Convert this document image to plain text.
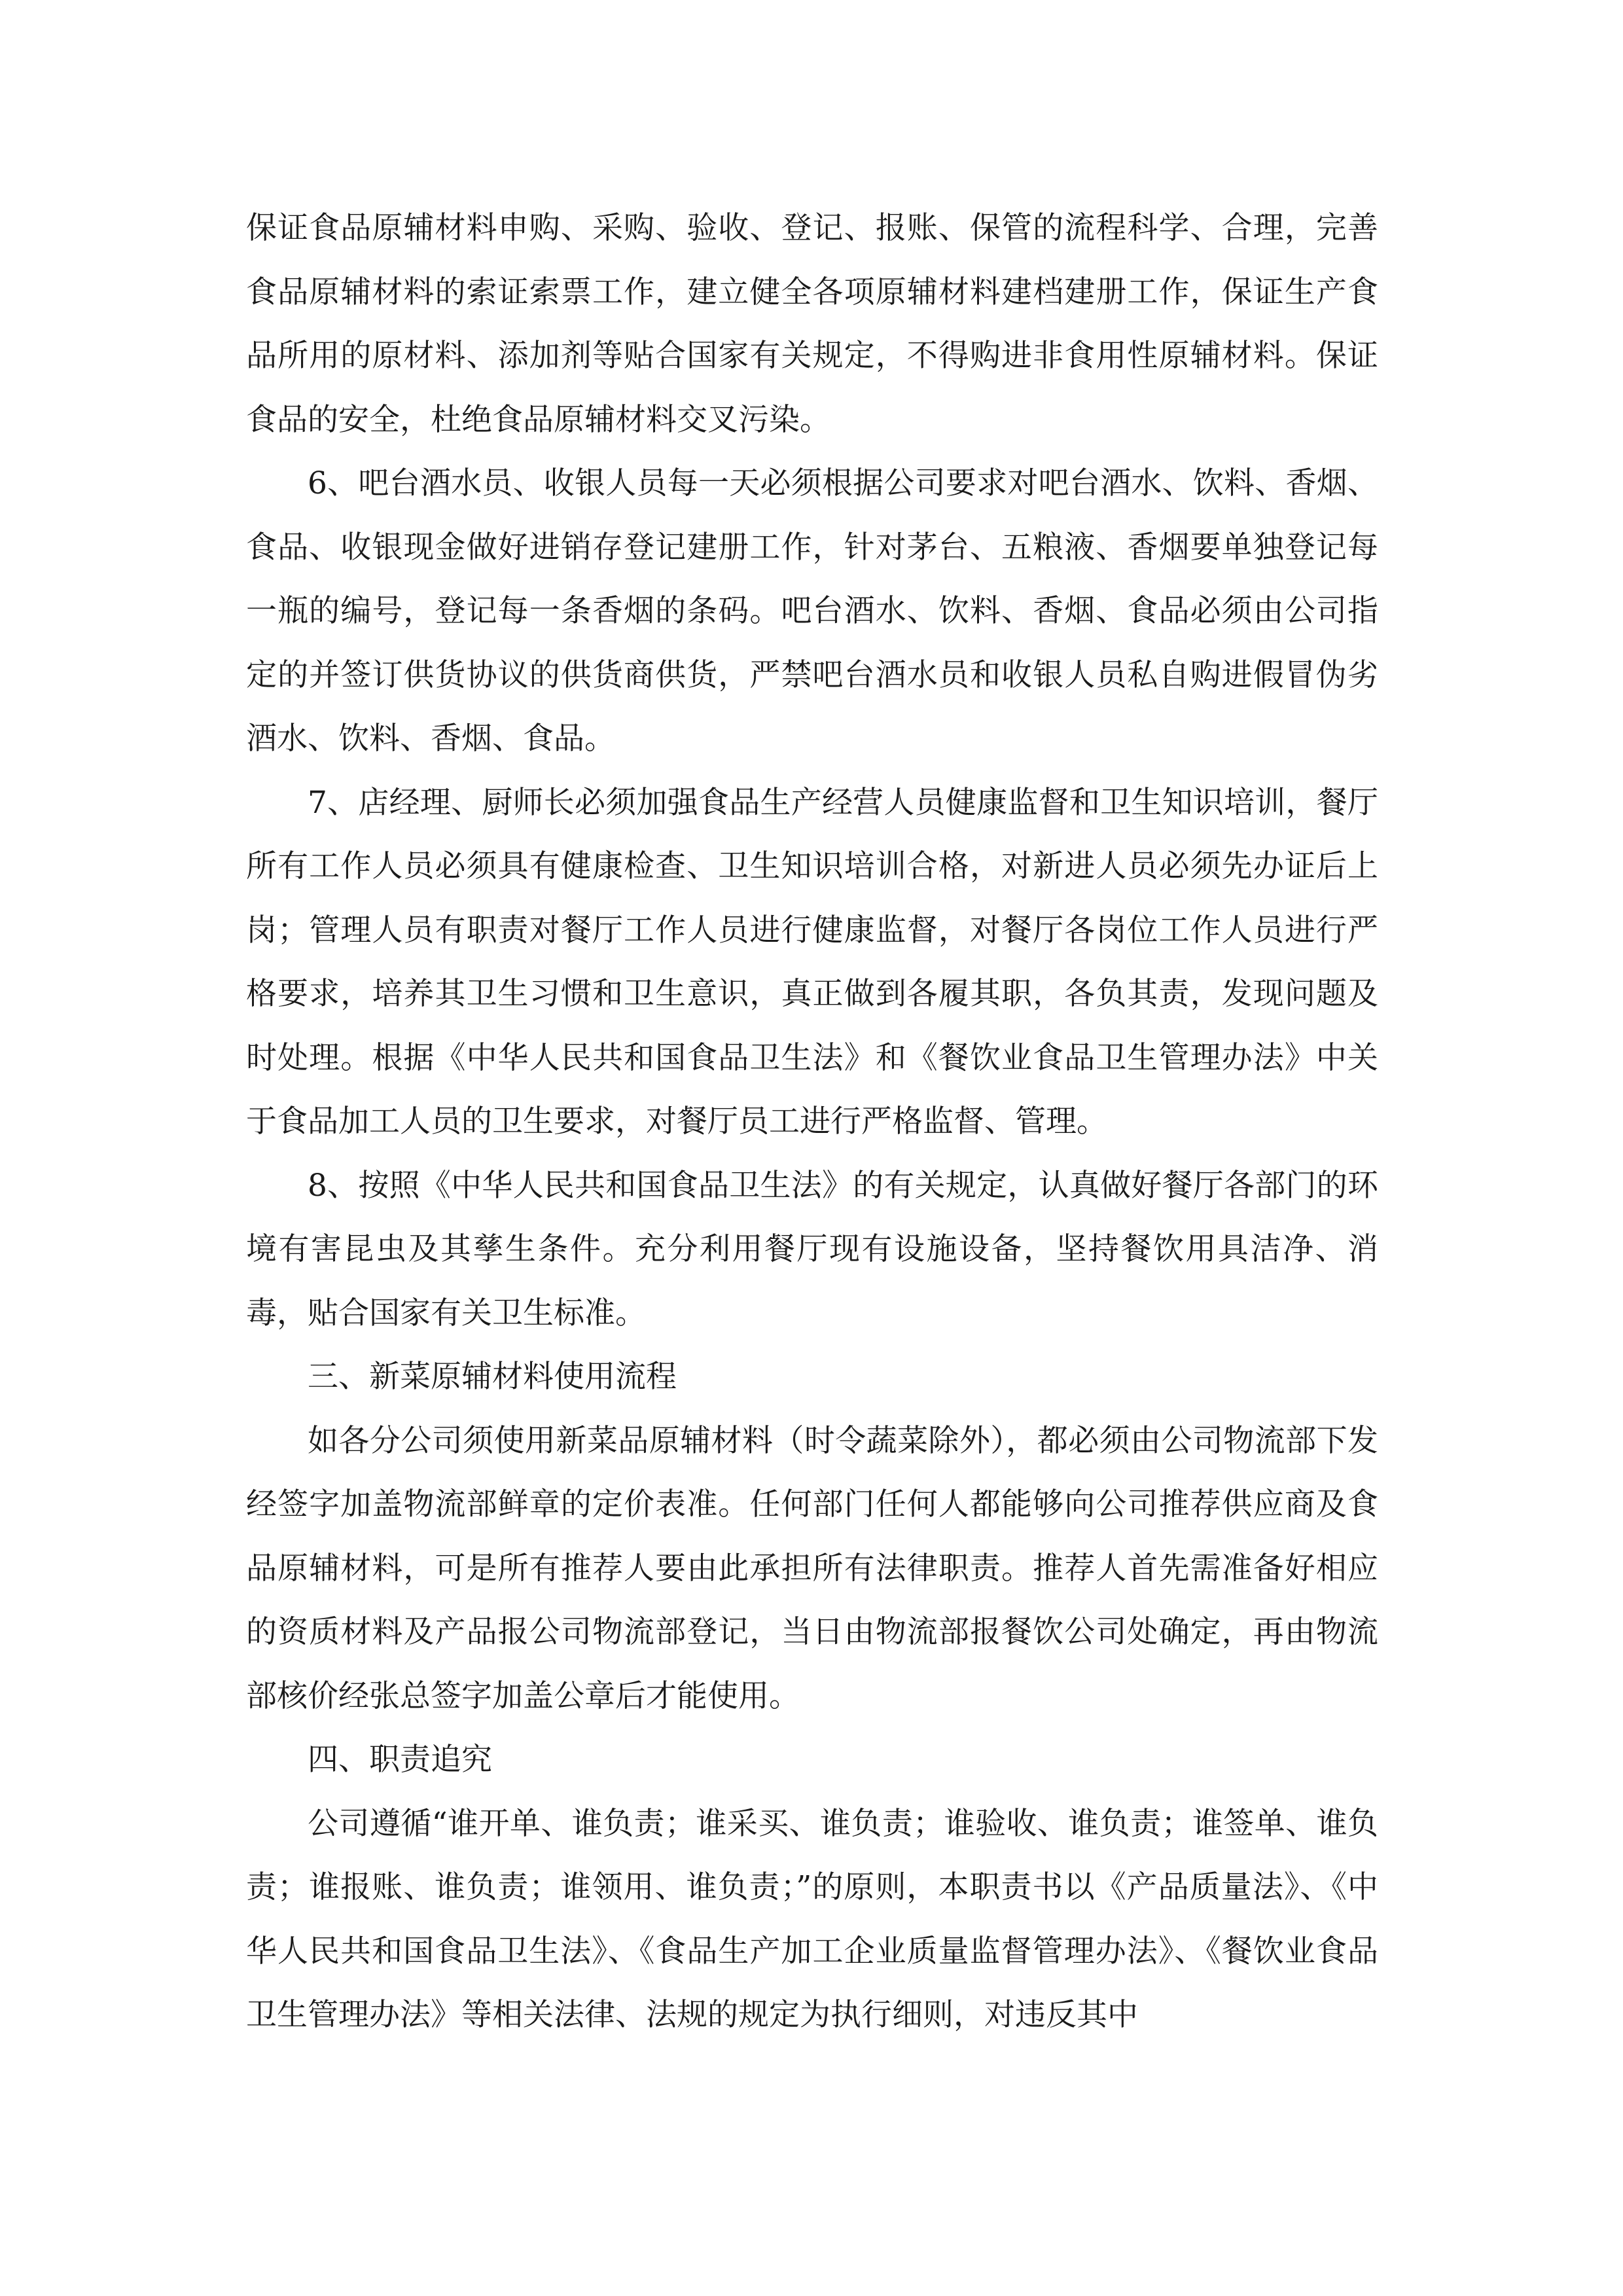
保证食品原辅材料申购、采购、验收、登记、报账、保管的流程科学、合理，完善食品原辅材料的索证索票工作，建立健全各项原辅材料建档建册工作，保证生产食品所用的原材料、添加剂等贴合国家有关规定，不得购进非食用性原辅材料。保证食品的安全，杜绝食品原辅材料交叉污染。

6、吧台酒水员、收银人员每一天必须根据公司要求对吧台酒水、饮料、香烟、食品、收银现金做好进销存登记建册工作，针对茅台、五粮液、香烟要单独登记每一瓶的编号，登记每一条香烟的条码。吧台酒水、饮料、香烟、食品必须由公司指定的并签订供货协议的供货商供货，严禁吧台酒水员和收银人员私自购进假冒伪劣酒水、饮料、香烟、食品。

7、店经理、厨师长必须加强食品生产经营人员健康监督和卫生知识培训，餐厅所有工作人员必须具有健康检查、卫生知识培训合格，对新进人员必须先办证后上岗；管理人员有职责对餐厅工作人员进行健康监督，对餐厅各岗位工作人员进行严格要求，培养其卫生习惯和卫生意识，真正做到各履其职，各负其责，发现问题及时处理。根据《中华人民共和国食品卫生法》和《餐饮业食品卫生管理办法》中关于食品加工人员的卫生要求，对餐厅员工进行严格监督、管理。

8、按照《中华人民共和国食品卫生法》的有关规定，认真做好餐厅各部门的环境有害昆虫及其孳生条件。充分利用餐厅现有设施设备，坚持餐饮用具洁净、消毒，贴合国家有关卫生标准。

三、新菜原辅材料使用流程

如各分公司须使用新菜品原辅材料（时令蔬菜除外），都必须由公司物流部下发经签字加盖物流部鲜章的定价表准。任何部门任何人都能够向公司推荐供应商及食品原辅材料，可是所有推荐人要由此承担所有法律职责。推荐人首先需准备好相应的资质材料及产品报公司物流部登记，当日由物流部报餐饮公司处确定，再由物流部核价经张总签字加盖公章后才能使用。

四、职责追究

公司遵循“谁开单、谁负责；谁采买、谁负责；谁验收、谁负责；谁签单、谁负责；谁报账、谁负责；谁领用、谁负责；”的原则，本职责书以《产品质量法》、《中华人民共和国食品卫生法》、《食品生产加工企业质量监督管理办法》、《餐饮业食品卫生管理办法》等相关法律、法规的规定为执行细则，对违反其中
